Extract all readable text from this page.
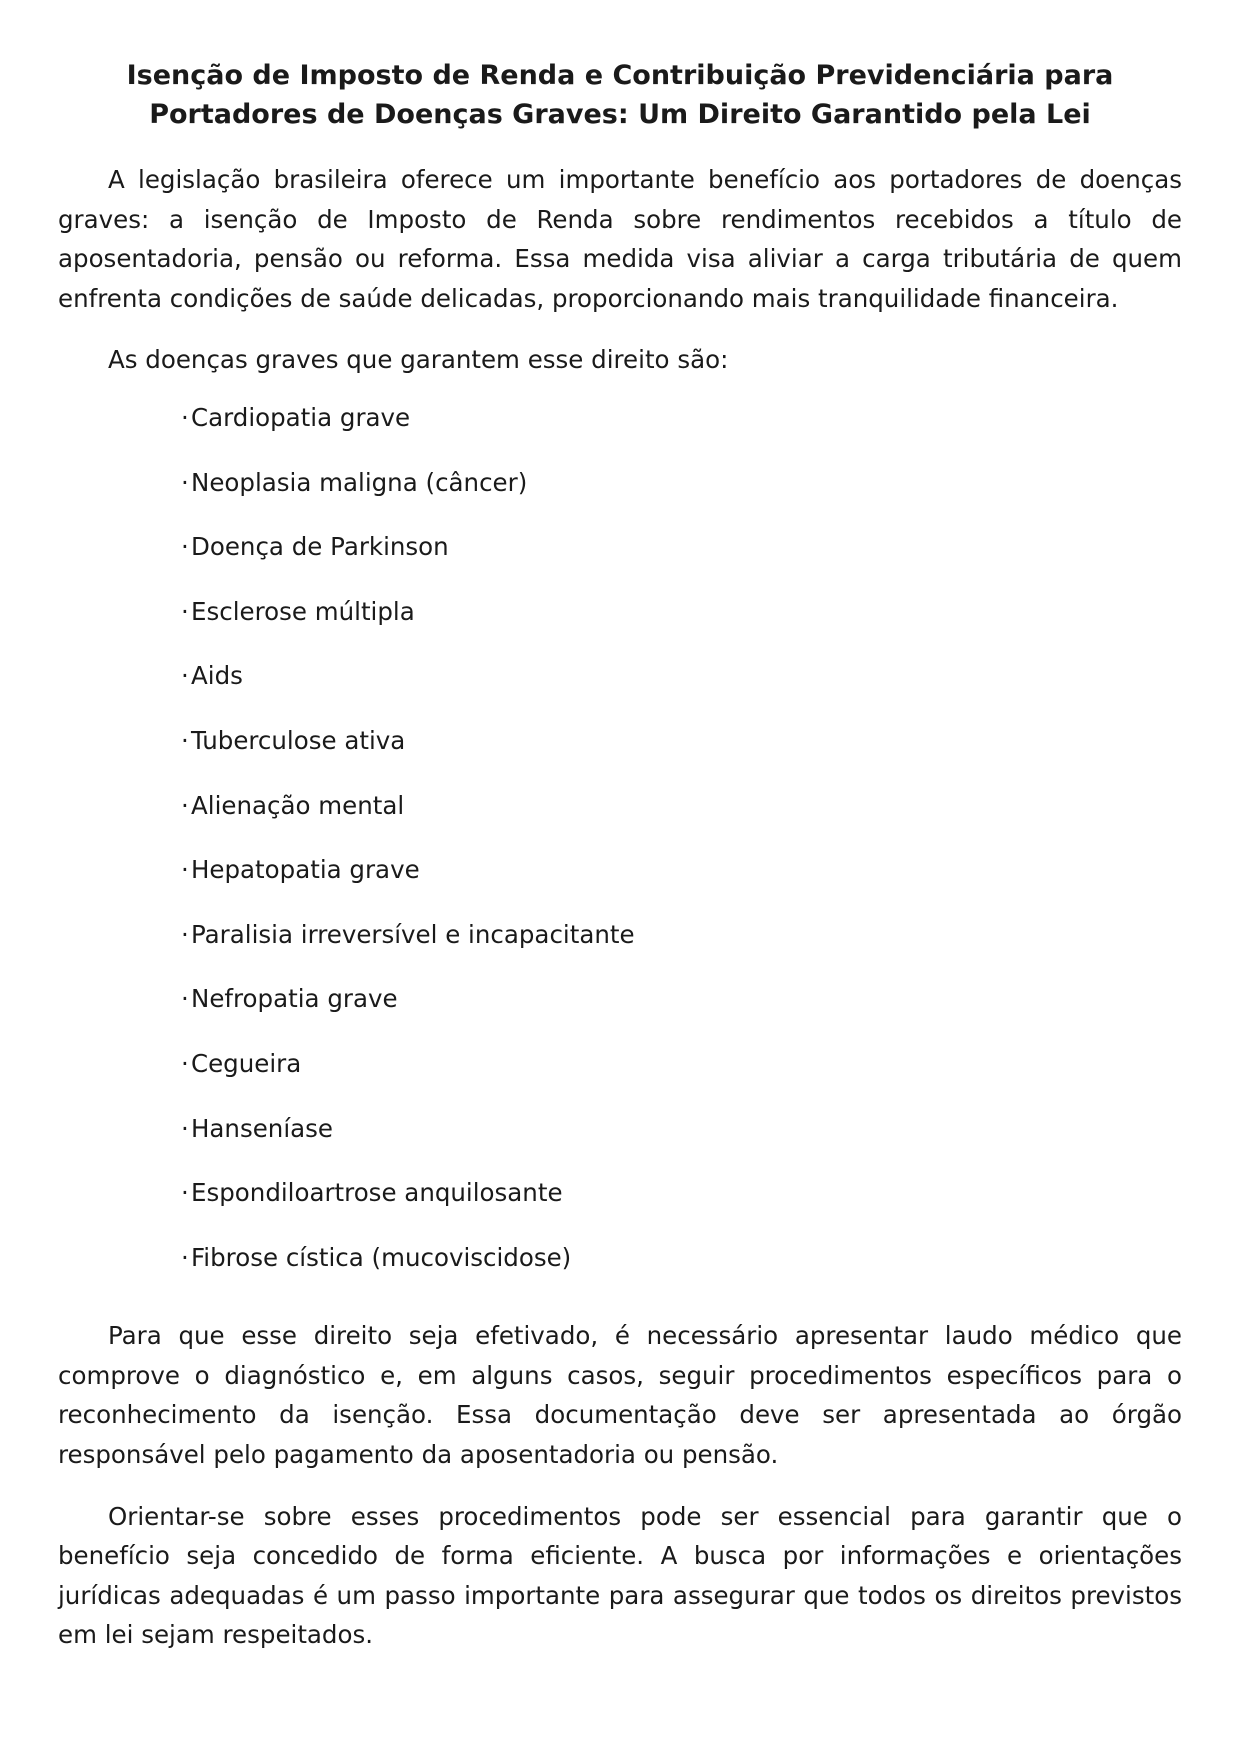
Isenção de Imposto de Renda e Contribuição Previdenciária para Portadores de Doenças Graves: Um Direito Garantido pela Lei

A legislação brasileira oferece um importante benefício aos portadores de doenças graves: a isenção de Imposto de Renda sobre rendimentos recebidos a título de aposentadoria, pensão ou reforma. Essa medida visa aliviar a carga tributária de quem enfrenta condições de saúde delicadas, proporcionando mais tranquilidade financeira.

As doenças graves que garantem esse direito são:

·Cardiopatia grave
·Neoplasia maligna (câncer)
·Doença de Parkinson
·Esclerose múltipla
·Aids
·Tuberculose ativa
·Alienação mental
·Hepatopatia grave
·Paralisia irreversível e incapacitante
·Nefropatia grave
·Cegueira
·Hanseníase
·Espondiloartrose anquilosante
·Fibrose cística (mucoviscidose)

Para que esse direito seja efetivado, é necessário apresentar laudo médico que comprove o diagnóstico e, em alguns casos, seguir procedimentos específicos para o reconhecimento da isenção. Essa documentação deve ser apresentada ao órgão responsável pelo pagamento da aposentadoria ou pensão.

Orientar-se sobre esses procedimentos pode ser essencial para garantir que o benefício seja concedido de forma eficiente. A busca por informações e orientações jurídicas adequadas é um passo importante para assegurar que todos os direitos previstos em lei sejam respeitados.
